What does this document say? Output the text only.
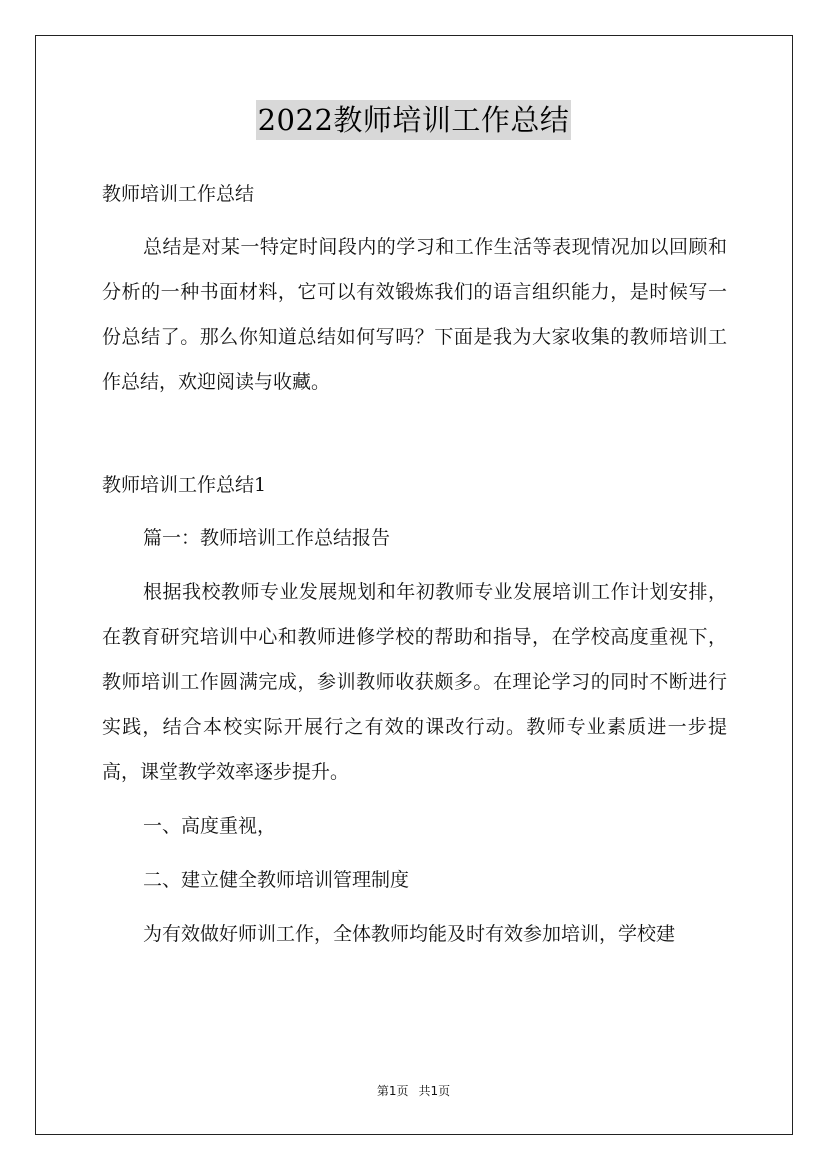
2022教师培训工作总结

教师培训工作总结

总结是对某一特定时间段内的学习和工作生活等表现情况加以回顾和分析的一种书面材料，它可以有效锻炼我们的语言组织能力，是时候写一份总结了。那么你知道总结如何写吗？下面是我为大家收集的教师培训工作总结，欢迎阅读与收藏。

教师培训工作总结1

篇一：教师培训工作总结报告

根据我校教师专业发展规划和年初教师专业发展培训工作计划安排，在教育研究培训中心和教师进修学校的帮助和指导，在学校高度重视下，教师培训工作圆满完成，参训教师收获颇多。在理论学习的同时不断进行实践，结合本校实际开展行之有效的课改行动。教师专业素质进一步提高，课堂教学效率逐步提升。

一、高度重视，

二、建立健全教师培训管理制度

为有效做好师训工作，全体教师均能及时有效参加培训，学校建

第1页 共1页
